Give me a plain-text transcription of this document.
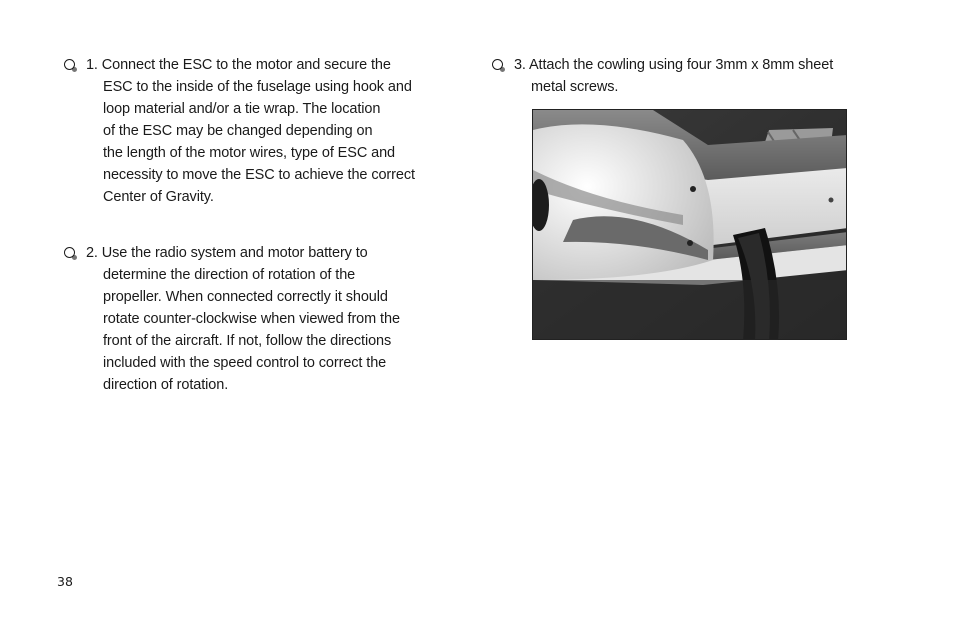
1. Connect the ESC to the motor and secure the
ESC to the inside of the fuselage using hook and
loop material and/or a tie wrap. The location
of the ESC may be changed depending on
the length of the motor wires, type of ESC and
necessity to move the ESC to achieve the correct
Center of Gravity.
2. Use the radio system and motor battery to
determine the direction of rotation of the
propeller. When connected correctly it should
rotate counter-clockwise when viewed from the
front of the aircraft. If not, follow the directions
included with the speed control to correct the
direction of rotation.
3. Attach the cowling using four 3mm x 8mm sheet
metal screws.
38
